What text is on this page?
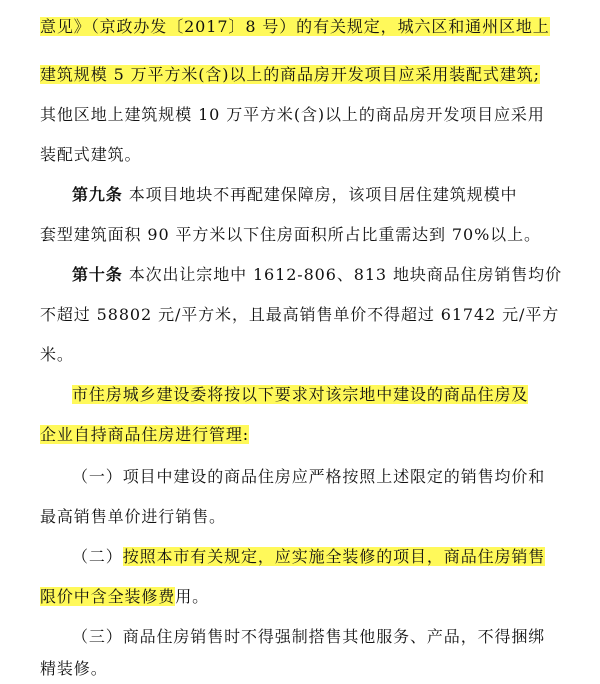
意见》（京政办发〔2017〕8 号）的有关规定，城六区和通州区地上
建筑规模 5 万平方米(含)以上的商品房开发项目应采用装配式建筑;
其他区地上建筑规模 10 万平方米(含)以上的商品房开发项目应采用
装配式建筑。
第九条 本项目地块不再配建保障房，该项目居住建筑规模中
套型建筑面积 90 平方米以下住房面积所占比重需达到 70%以上。
第十条 本次出让宗地中 1612-806、813 地块商品住房销售均价
不超过 58802 元/平方米，且最高销售单价不得超过 61742 元/平方
米。
市住房城乡建设委将按以下要求对该宗地中建设的商品住房及
企业自持商品住房进行管理:
（一）项目中建设的商品住房应严格按照上述限定的销售均价和
最高销售单价进行销售。
（二）按照本市有关规定，应实施全装修的项目，商品住房销售
限价中含全装修费用。
（三）商品住房销售时不得强制搭售其他服务、产品，不得捆绑
精装修。
